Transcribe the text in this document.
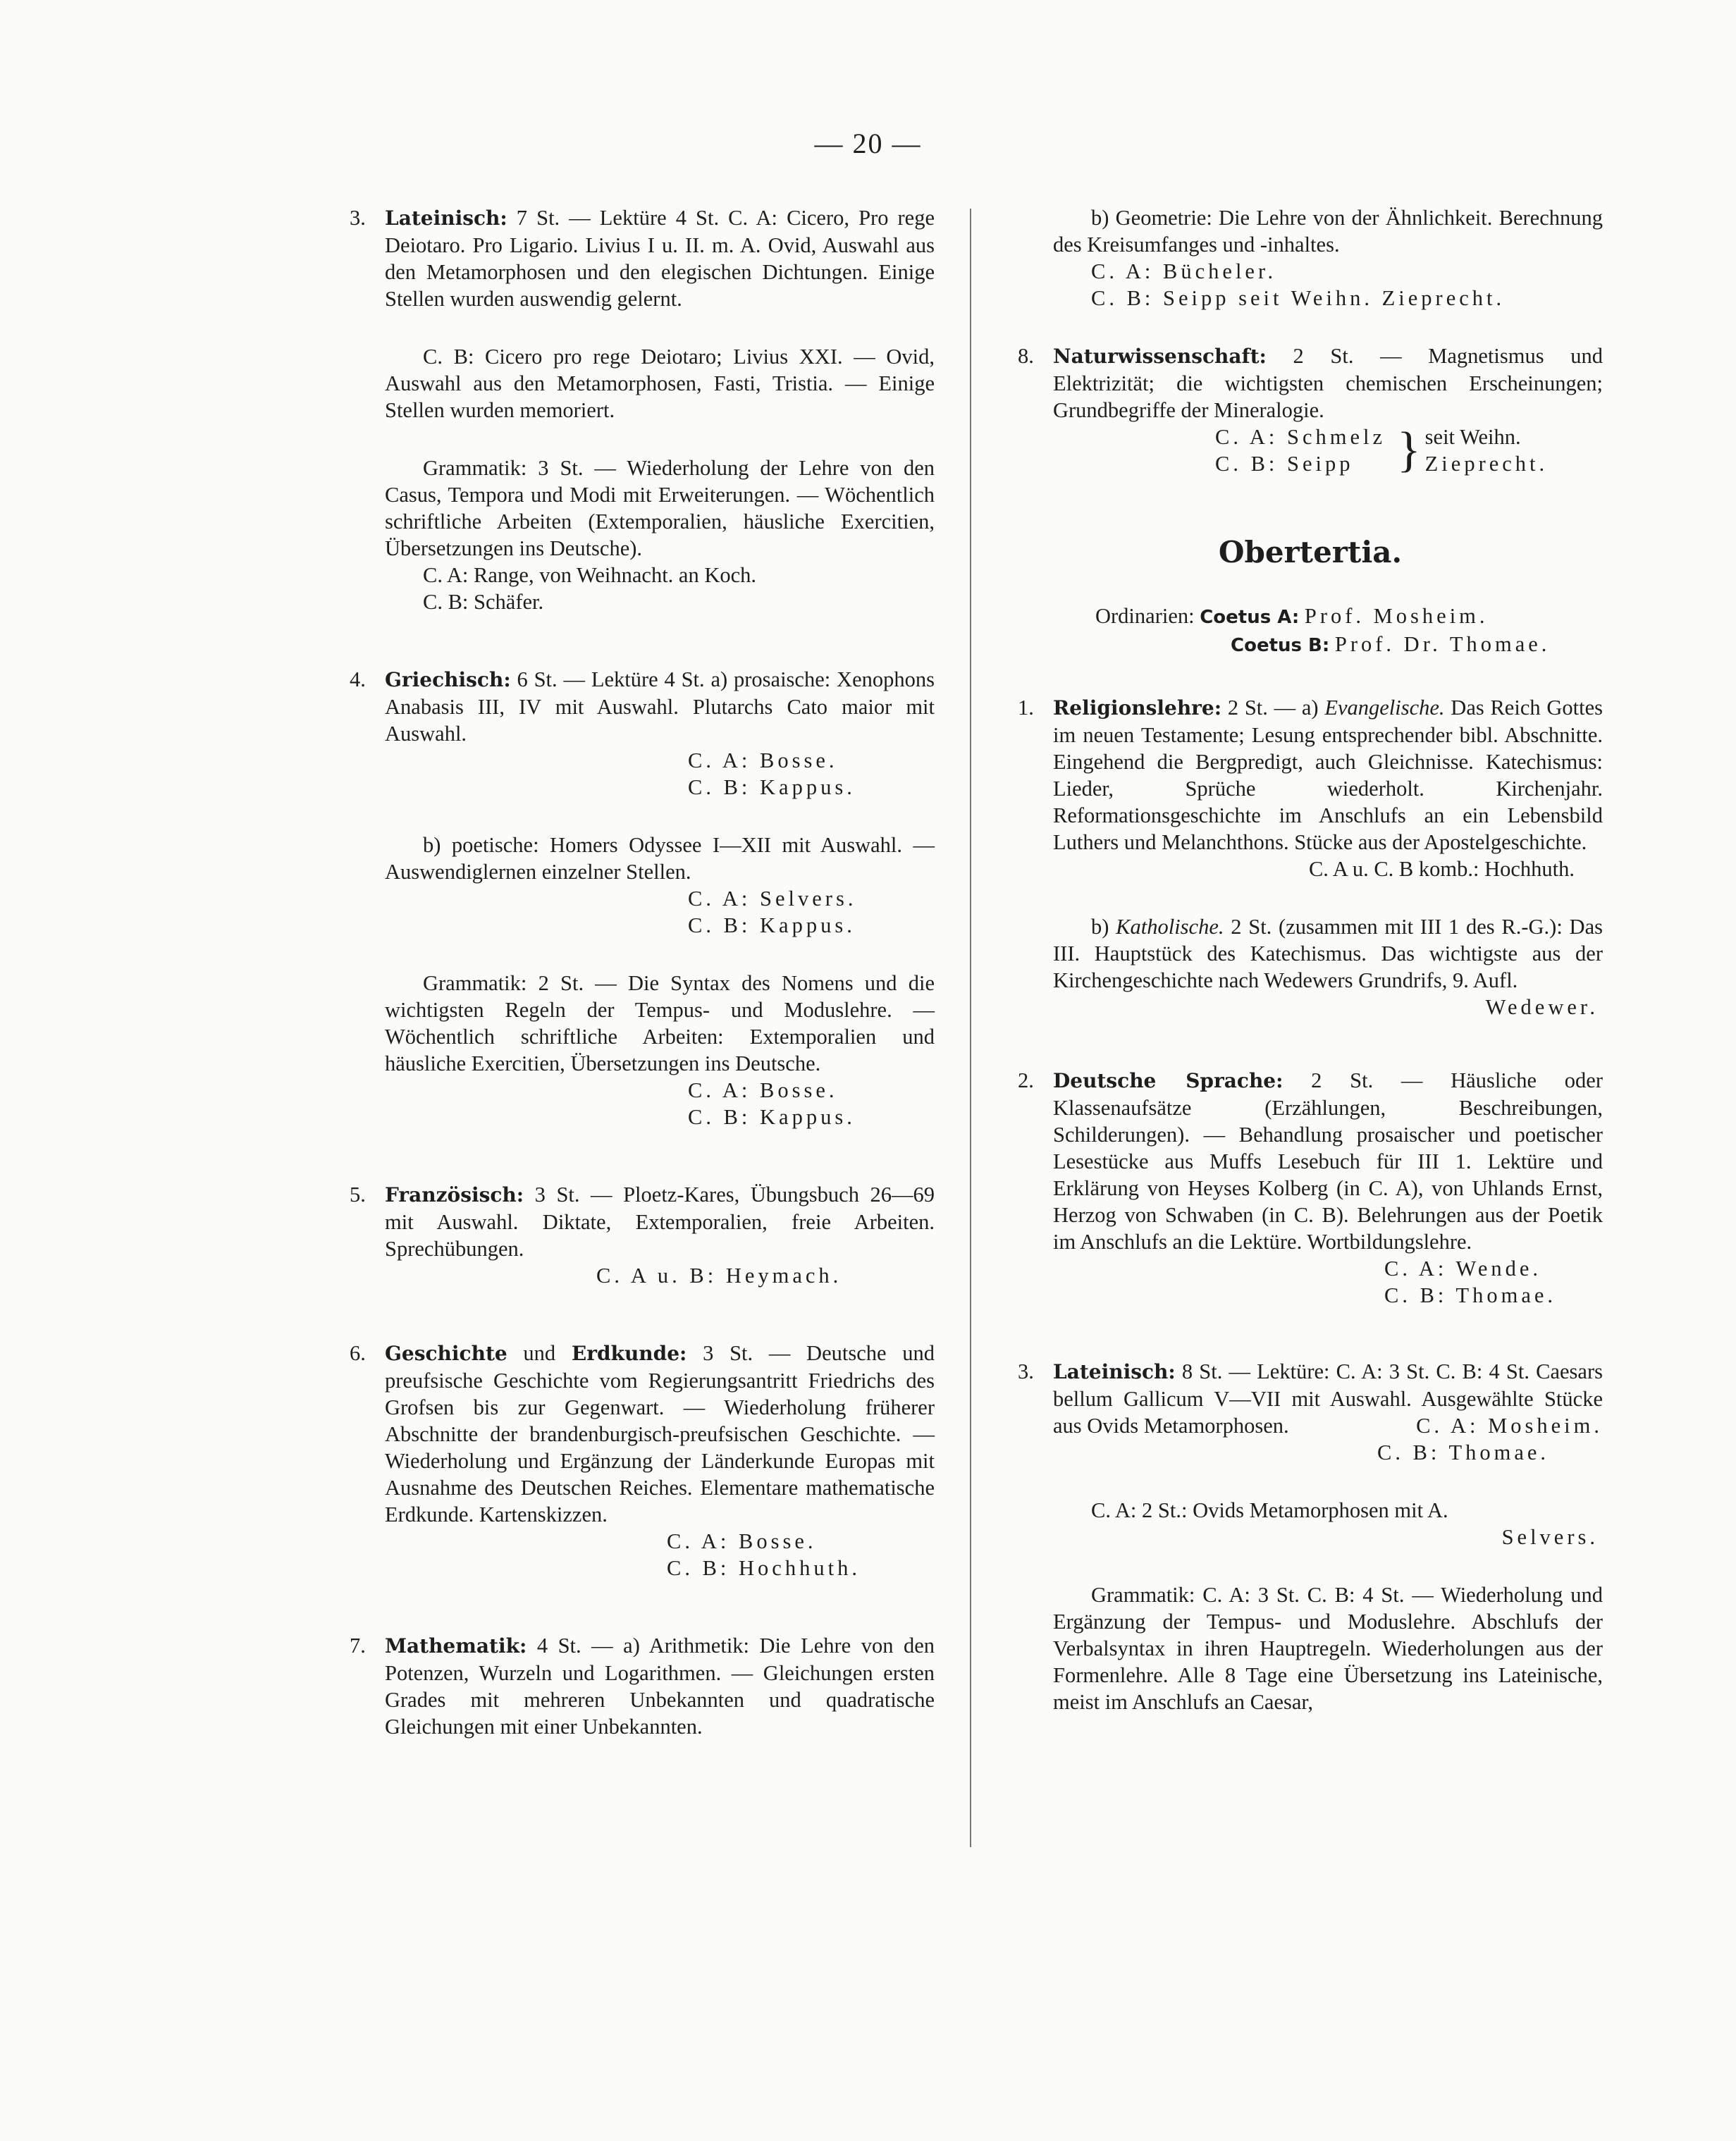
— 20 —
3. Lateinisch: 7 St. — Lektüre 4 St. C. A: Cicero, Pro rege Deiotaro. Pro Ligario. Livius I u. II. m. A. Ovid, Auswahl aus den Metamorphosen und den elegischen Dichtungen. Einige Stellen wurden auswendig gelernt.
C. B: Cicero pro rege Deiotaro; Livius XXI. — Ovid, Auswahl aus den Metamorphosen, Fasti, Tristia. — Einige Stellen wurden memoriert.
Grammatik: 3 St. — Wiederholung der Lehre von den Casus, Tempora und Modi mit Erweiterungen. — Wöchentlich schriftliche Arbeiten (Extemporalien, häusliche Exercitien, Übersetzungen ins Deutsche).
C. A: Range, von Weihnacht. an Koch.
C. B: Schäfer.
4. Griechisch: 6 St. — Lektüre 4 St. a) prosaische: Xenophons Anabasis III, IV mit Auswahl. Plutarchs Cato maior mit Auswahl.
C. A: Bosse.
C. B: Kappus.
b) poetische: Homers Odyssee I—XII mit Auswahl. — Auswendiglernen einzelner Stellen.
C. A: Selvers.
C. B: Kappus.
Grammatik: 2 St. — Die Syntax des Nomens und die wichtigsten Regeln der Tempus- und Moduslehre. — Wöchentlich schriftliche Arbeiten: Extemporalien und häusliche Exercitien, Übersetzungen ins Deutsche.
C. A: Bosse.
C. B: Kappus.
5. Französisch: 3 St. — Ploetz-Kares, Übungsbuch 26—69 mit Auswahl. Diktate, Extemporalien, freie Arbeiten. Sprechübungen.
C. A u. B: Heymach.
6. Geschichte und Erdkunde: 3 St. — Deutsche und preufsische Geschichte vom Regierungsantritt Friedrichs des Grofsen bis zur Gegenwart. — Wiederholung früherer Abschnitte der brandenburgisch-preufsischen Geschichte. — Wiederholung und Ergänzung der Länderkunde Europas mit Ausnahme des Deutschen Reiches. Elementare mathematische Erdkunde. Kartenskizzen.
C. A: Bosse.
C. B: Hochhuth.
7. Mathematik: 4 St. — a) Arithmetik: Die Lehre von den Potenzen, Wurzeln und Logarithmen. — Gleichungen ersten Grades mit mehreren Unbekannten und quadratische Gleichungen mit einer Unbekannten.
b) Geometrie: Die Lehre von der Ähnlichkeit. Berechnung des Kreisumfanges und -inhaltes.
C. A: Bücheler.
C. B: Seipp seit Weihn. Zieprecht.
8. Naturwissenschaft: 2 St. — Magnetismus und Elektrizität; die wichtigsten chemischen Erscheinungen; Grundbegriffe der Mineralogie.
C. A: Schmelz	}	seit Weihn.
C. B: Seipp		Zieprecht.
Obertertia.
Ordinarien: Coetus A: Prof. Mosheim.
Coetus B: Prof. Dr. Thomae.
1. Religionslehre: 2 St. — a) Evangelische. Das Reich Gottes im neuen Testamente; Lesung entsprechender bibl. Abschnitte. Eingehend die Bergpredigt, auch Gleichnisse. Katechismus: Lieder, Sprüche wiederholt. Kirchenjahr. Reformationsgeschichte im Anschlufs an ein Lebensbild Luthers und Melanchthons. Stücke aus der Apostelgeschichte.
C. A u. C. B komb.: Hochhuth.
b) Katholische. 2 St. (zusammen mit III 1 des R.-G.): Das III. Hauptstück des Katechismus. Das wichtigste aus der Kirchengeschichte nach Wedewers Grundrifs, 9. Aufl.
Wedewer.
2. Deutsche Sprache: 2 St. — Häusliche oder Klassenaufsätze (Erzählungen, Beschreibungen, Schilderungen). — Behandlung prosaischer und poetischer Lesestücke aus Muffs Lesebuch für III 1. Lektüre und Erklärung von Heyses Kolberg (in C. A), von Uhlands Ernst, Herzog von Schwaben (in C. B). Belehrungen aus der Poetik im Anschlufs an die Lektüre. Wortbildungslehre.
C. A: Wende.
C. B: Thomae.
3. Lateinisch: 8 St. — Lektüre: C. A: 3 St. C. B: 4 St. Caesars bellum Gallicum V—VII mit Auswahl. Ausgewählte Stücke aus Ovids Metamorphosen.	C. A: Mosheim.
C. B: Thomae.
C. A: 2 St.: Ovids Metamorphosen mit A.
Selvers.
Grammatik: C. A: 3 St. C. B: 4 St. — Wiederholung und Ergänzung der Tempus- und Moduslehre. Abschlufs der Verbalsyntax in ihren Hauptregeln. Wiederholungen aus der Formenlehre. Alle 8 Tage eine Übersetzung ins Lateinische, meist im Anschlufs an Caesar,
